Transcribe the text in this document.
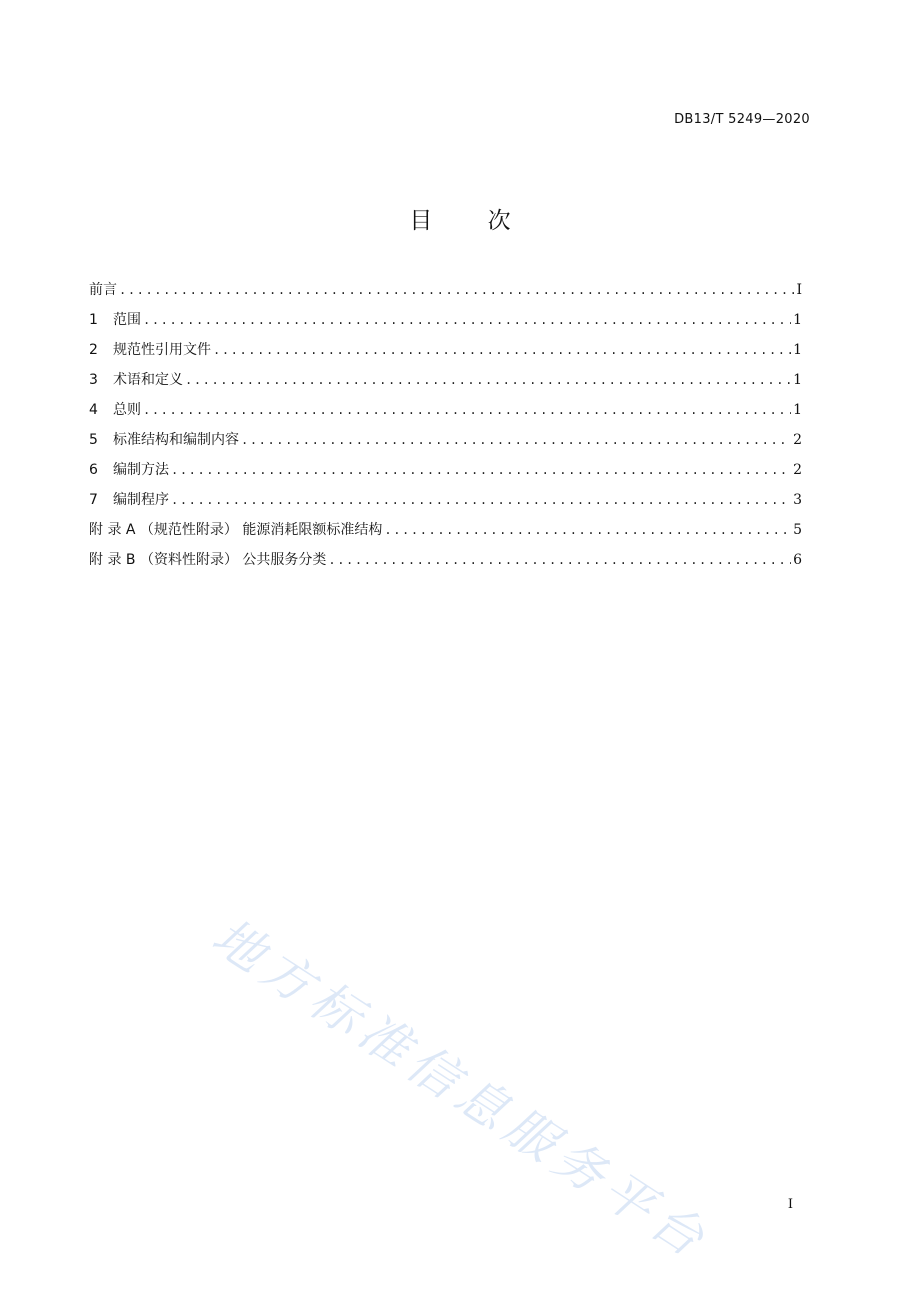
DB13/T 5249—2020
目 次
前言 .....	I
1	范围 .....	1
2	规范性引用文件 .....	1
3	术语和定义 .....	1
4	总则 .....	1
5	标准结构和编制内容 .....	2
6	编制方法 .....	2
7	编制程序 .....	3
附 录 A （规范性附录） 能源消耗限额标准结构 .....	5
附 录 B （资料性附录） 公共服务分类 .....	6
地方标准信息服务平台	I
